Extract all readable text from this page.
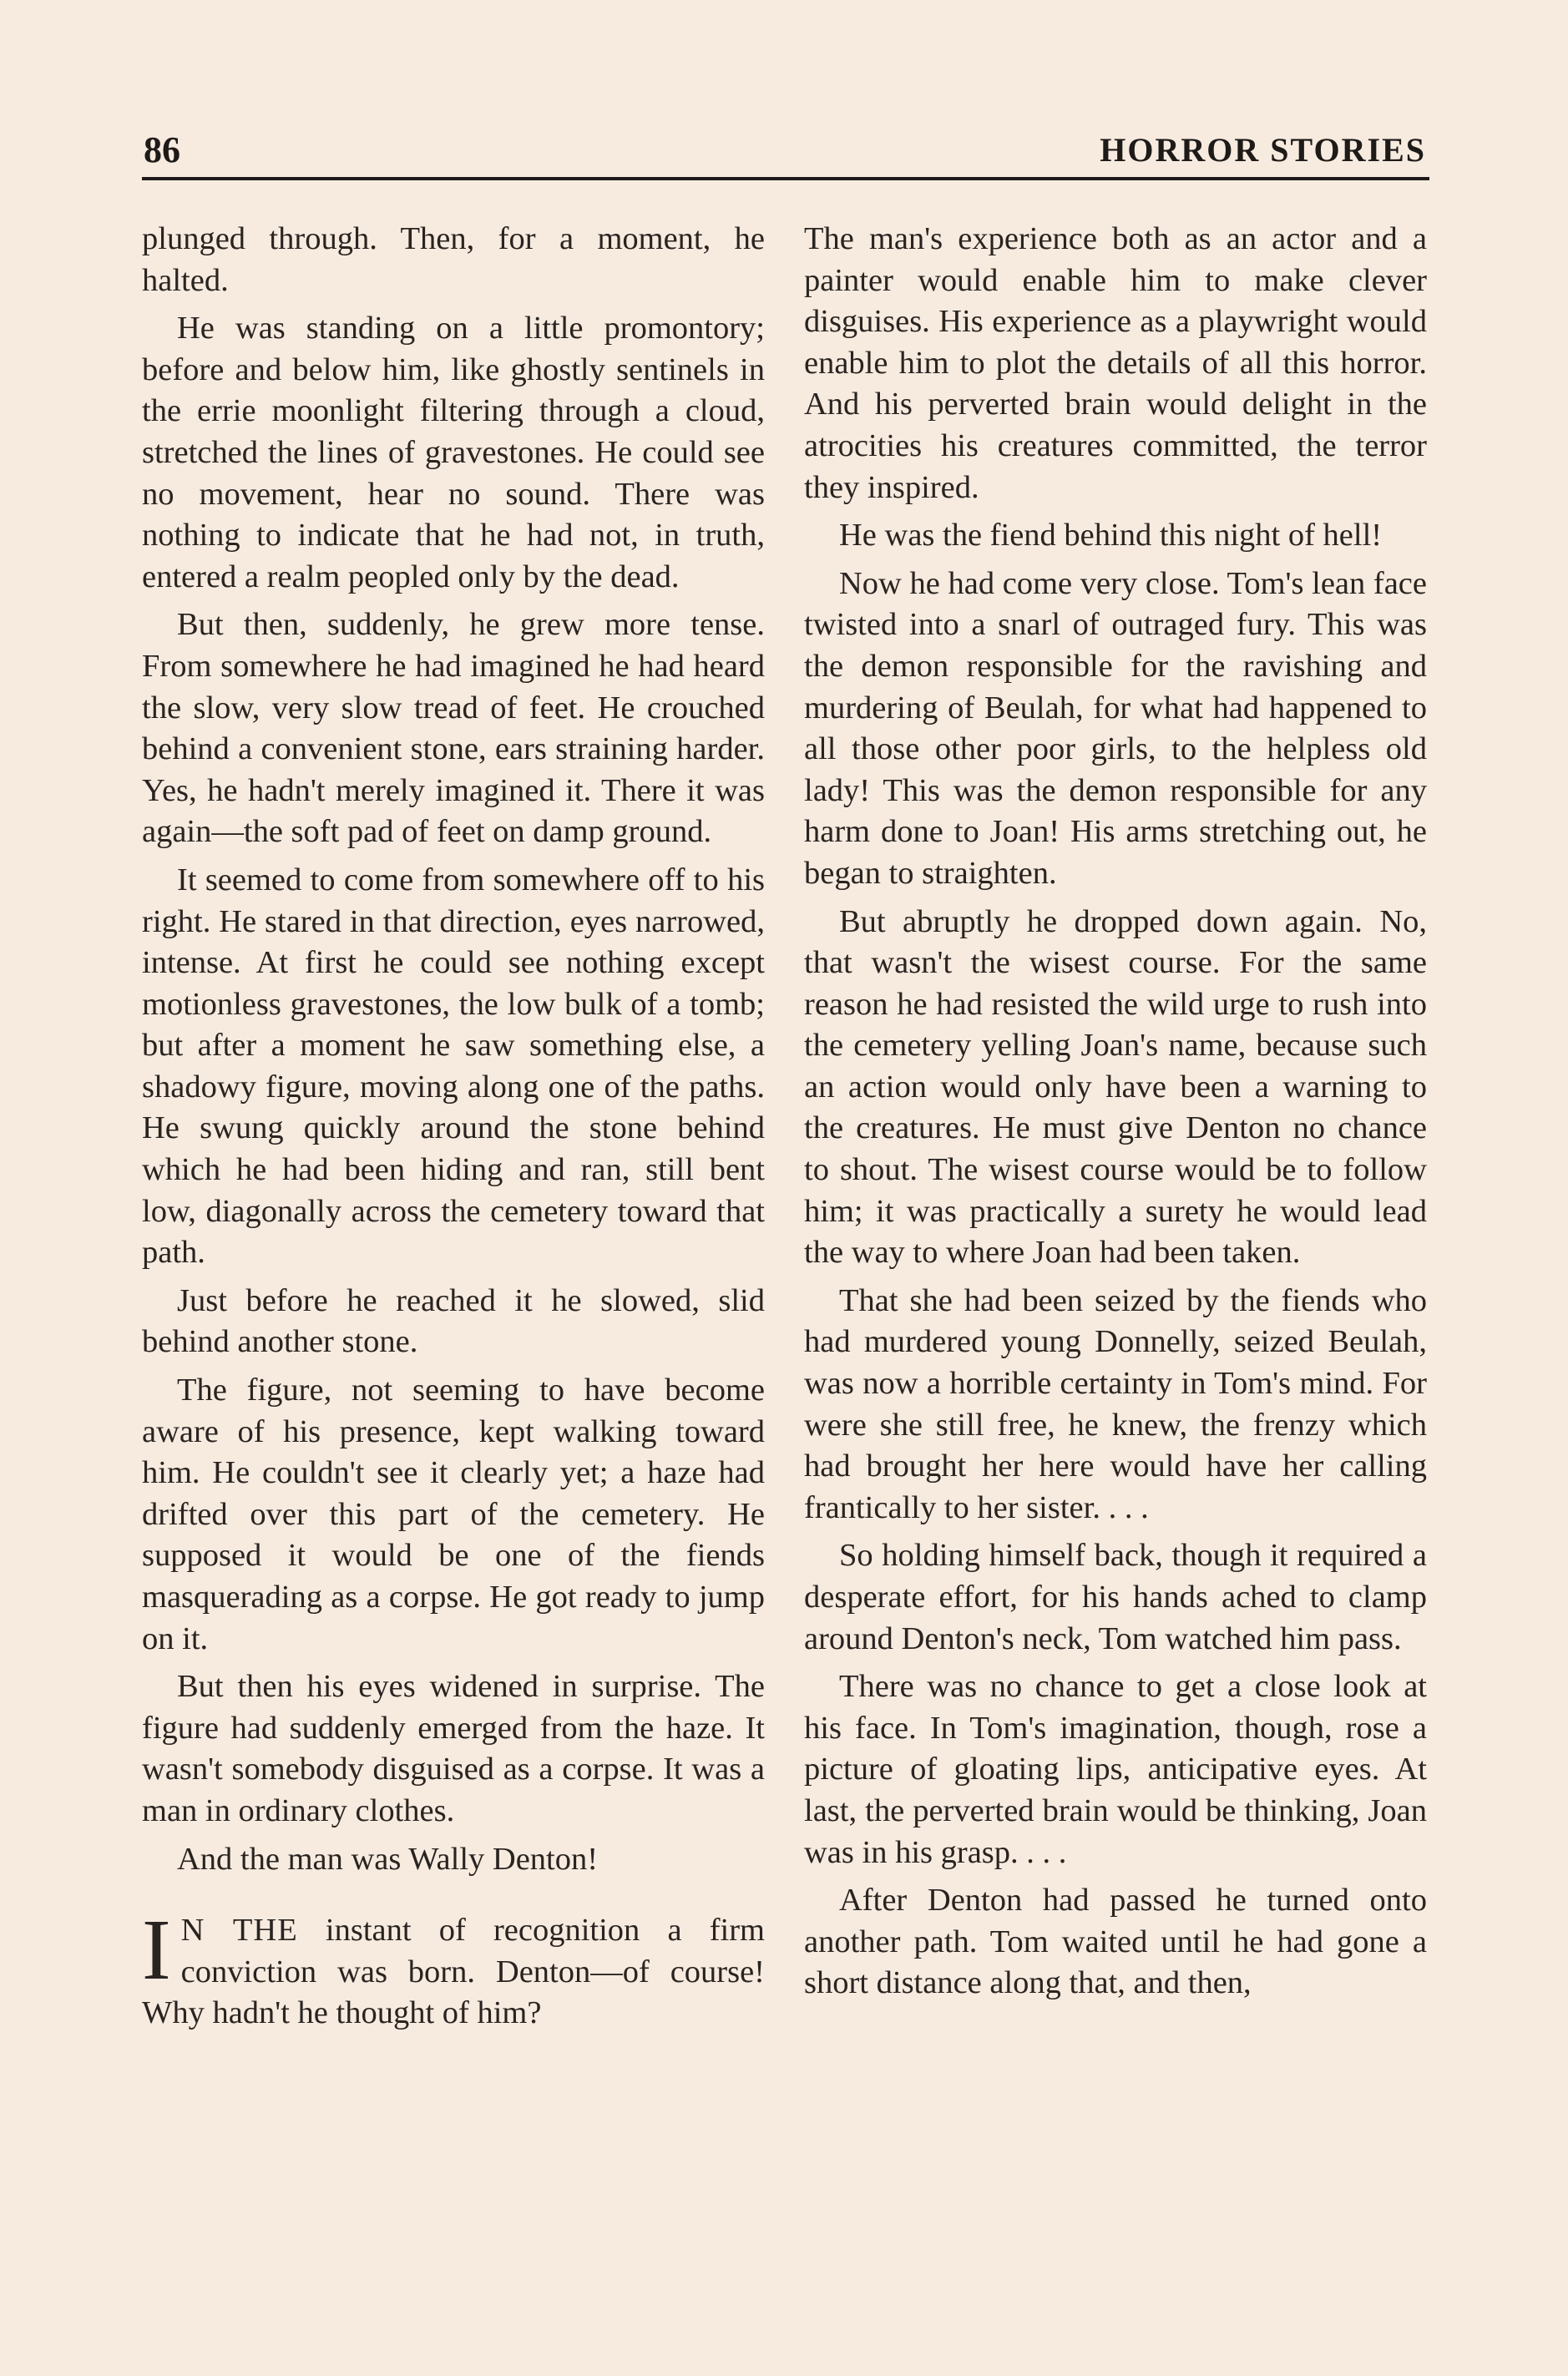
86	HORROR STORIES

plunged through. Then, for a moment, he halted.

He was standing on a little promontory; before and below him, like ghostly sentinels in the errie moonlight filtering through a cloud, stretched the lines of gravestones. He could see no movement, hear no sound. There was nothing to indicate that he had not, in truth, entered a realm peopled only by the dead.

But then, suddenly, he grew more tense. From somewhere he had imagined he had heard the slow, very slow tread of feet. He crouched behind a convenient stone, ears straining harder. Yes, he hadn't merely imagined it. There it was again—the soft pad of feet on damp ground.

It seemed to come from somewhere off to his right. He stared in that direction, eyes narrowed, intense. At first he could see nothing except motionless gravestones, the low bulk of a tomb; but after a moment he saw something else, a shadowy figure, moving along one of the paths. He swung quickly around the stone behind which he had been hiding and ran, still bent low, diagonally across the cemetery toward that path.

Just before he reached it he slowed, slid behind another stone.

The figure, not seeming to have become aware of his presence, kept walking toward him. He couldn't see it clearly yet; a haze had drifted over this part of the cemetery. He supposed it would be one of the fiends masquerading as a corpse. He got ready to jump on it.

But then his eyes widened in surprise. The figure had suddenly emerged from the haze. It wasn't somebody disguised as a corpse. It was a man in ordinary clothes.

And the man was Wally Denton!

I N THE instant of recognition a firm conviction was born. Denton—of course! Why hadn't he thought of him?

The man's experience both as an actor and a painter would enable him to make clever disguises. His experience as a playwright would enable him to plot the details of all this horror. And his perverted brain would delight in the atrocities his creatures committed, the terror they inspired.

He was the fiend behind this night of hell!

Now he had come very close. Tom's lean face twisted into a snarl of outraged fury. This was the demon responsible for the ravishing and murdering of Beulah, for what had happened to all those other poor girls, to the helpless old lady! This was the demon responsible for any harm done to Joan! His arms stretching out, he began to straighten.

But abruptly he dropped down again. No, that wasn't the wisest course. For the same reason he had resisted the wild urge to rush into the cemetery yelling Joan's name, because such an action would only have been a warning to the creatures. He must give Denton no chance to shout. The wisest course would be to follow him; it was practically a surety he would lead the way to where Joan had been taken.

That she had been seized by the fiends who had murdered young Donnelly, seized Beulah, was now a horrible certainty in Tom's mind. For were she still free, he knew, the frenzy which had brought her here would have her calling frantically to her sister. . . .

So holding himself back, though it required a desperate effort, for his hands ached to clamp around Denton's neck, Tom watched him pass.

There was no chance to get a close look at his face. In Tom's imagination, though, rose a picture of gloating lips, anticipative eyes. At last, the perverted brain would be thinking, Joan was in his grasp. . . .

After Denton had passed he turned onto another path. Tom waited until he had gone a short distance along that, and then,
